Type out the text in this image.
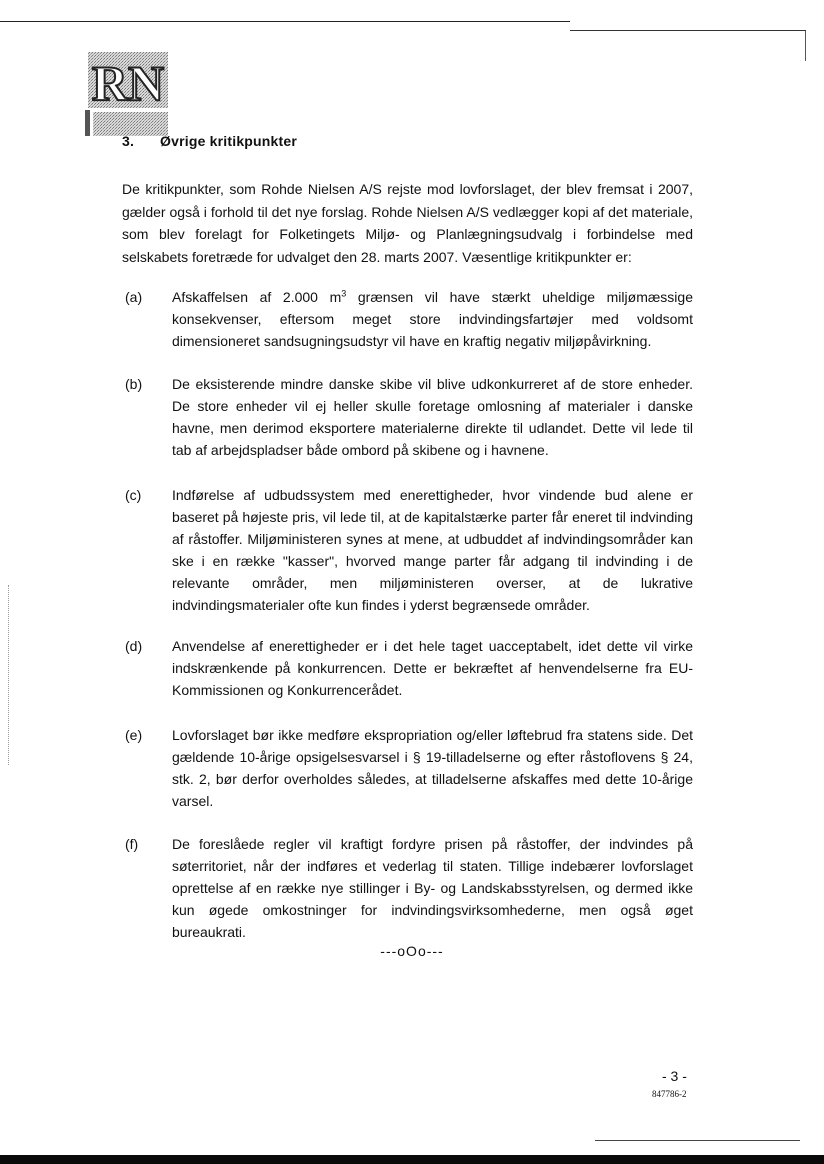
RN
3. Øvrige kritikpunkter
De kritikpunkter, som Rohde Nielsen A/S rejste mod lovforslaget, der blev fremsat i 2007, gælder også i forhold til det nye forslag. Rohde Nielsen A/S vedlægger kopi af det materiale, som blev forelagt for Folketingets Miljø- og Planlægningsudvalg i forbindelse med selskabets foretræde for udvalget den 28. marts 2007. Væsentlige kritikpunkter er:
(a) Afskaffelsen af 2.000 $m^3$ grænsen vil have stærkt uheldige miljømæssige konsekvenser, eftersom meget store indvindingsfartøjer med voldsomt dimensioneret sandsugningsudstyr vil have en kraftig negativ miljøpåvirkning.
(b) De eksisterende mindre danske skibe vil blive udkonkurreret af de store enheder. De store enheder vil ej heller skulle foretage omlosning af materialer i danske havne, men derimod eksportere materialerne direkte til udlandet. Dette vil lede til tab af arbejdspladser både ombord på skibene og i havnene.
(c) Indførelse af udbudssystem med enerettigheder, hvor vindende bud alene er baseret på højeste pris, vil lede til, at de kapitalstærke parter får eneret til indvinding af råstoffer. Miljøministeren synes at mene, at udbuddet af indvindingsområder kan ske i en række "kasser", hvorved mange parter får adgang til indvinding i de relevante områder, men miljøministeren overser, at de lukrative indvindingsmaterialer ofte kun findes i yderst begrænsede områder.
(d) Anvendelse af enerettigheder er i det hele taget uacceptabelt, idet dette vil virke indskrænkende på konkurrencen. Dette er bekræftet af henvendelserne fra EU-Kommissionen og Konkurrencerådet.
(e) Lovforslaget bør ikke medføre ekspropriation og/eller løftebrud fra statens side. Det gældende 10-årige opsigelsesvarsel i § 19-tilladelserne og efter råstoflovens § 24, stk. 2, bør derfor overholdes således, at tilladelserne afskaffes med dette 10-årige varsel.
(f) De foreslåede regler vil kraftigt fordyre prisen på råstoffer, der indvindes på søterritoriet, når der indføres et vederlag til staten. Tillige indebærer lovforslaget oprettelse af en række nye stillinger i By- og Landskabsstyrelsen, og dermed ikke kun øgede omkostninger for indvindingsvirksomhederne, men også øget bureaukrati.
---oOo---
- 3 -
847786-2
